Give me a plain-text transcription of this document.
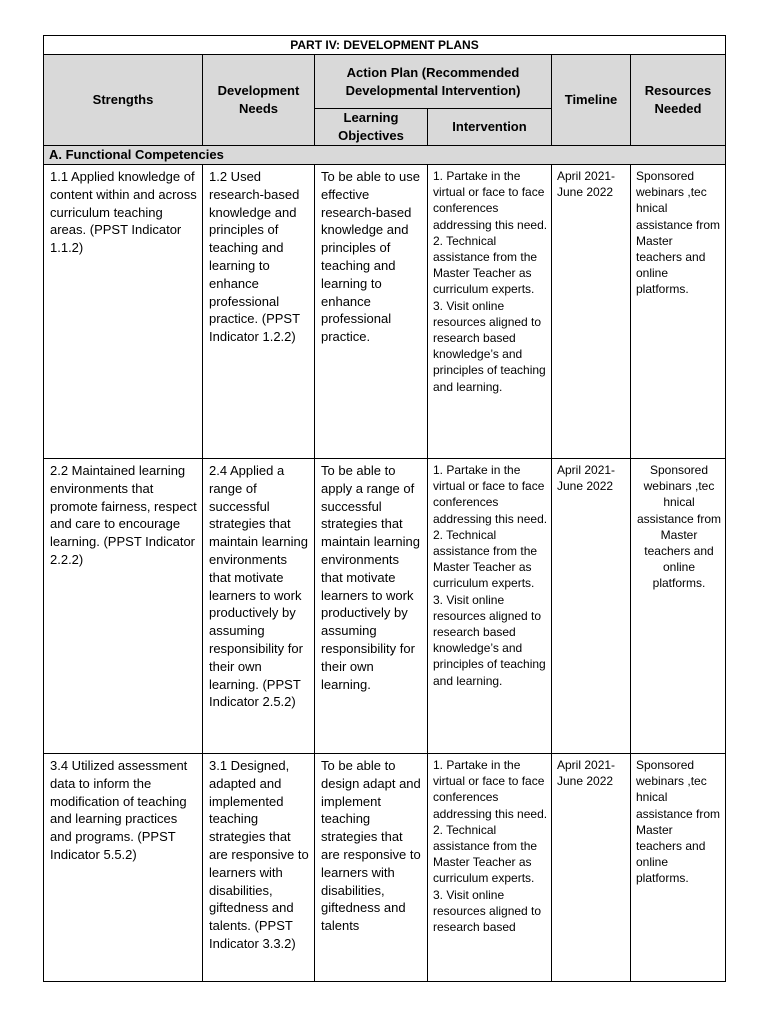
PART IV: DEVELOPMENT PLANS					
Strengths	Development Needs	Action Plan (Recommended Developmental Intervention)		Timeline	Resources Needed
		Learning Objectives	Intervention		
A. Functional Competencies					
1.1 Applied knowledge of content within and across curriculum teaching areas. (PPST Indicator 1.1.2)	1.2 Used research-based knowledge and principles of teaching and learning to enhance professional practice. (PPST Indicator 1.2.2)	To be able to use effective research-based knowledge and principles of teaching and learning to enhance professional practice.	1. Partake in the virtual or face to face conferences addressing this need.
2. Technical assistance from the Master Teacher as curriculum experts.
3. Visit online resources aligned to research based knowledge’s and principles of teaching and learning.	April 2021-June 2022	Sponsored webinars ,tec hnical assistance from Master teachers and online platforms.
2.2 Maintained learning environments that promote fairness, respect and care to encourage learning. (PPST Indicator 2.2.2)	2.4 Applied a range of successful strategies that maintain learning environments that motivate learners to work productively by assuming responsibility for their own learning. (PPST Indicator 2.5.2)	To be able to apply a range of successful strategies that maintain learning environments that motivate learners to work productively by assuming responsibility for their own learning.	1. Partake in the virtual or face to face conferences addressing this need.
2. Technical assistance from the Master Teacher as curriculum experts.
3. Visit online resources aligned to research based knowledge’s and principles of teaching and learning.	April 2021-June 2022	Sponsored webinars ,tec hnical assistance from Master teachers and online platforms.

3.4 Utilized assessment data to inform the modification of teaching and learning practices and programs. (PPST Indicator 5.5.2)	3.1 Designed, adapted and implemented teaching strategies that are responsive to learners with disabilities, giftedness and talents. (PPST Indicator 3.3.2)	To be able to design adapt and implement teaching strategies that are responsive to learners with disabilities, giftedness and talents	1. Partake in the virtual or face to face conferences addressing this need.
2. Technical assistance from the Master Teacher as curriculum experts.
3. Visit online resources aligned to research based	April 2021-June 2022	Sponsored webinars ,tec hnical assistance from Master teachers and online platforms.
